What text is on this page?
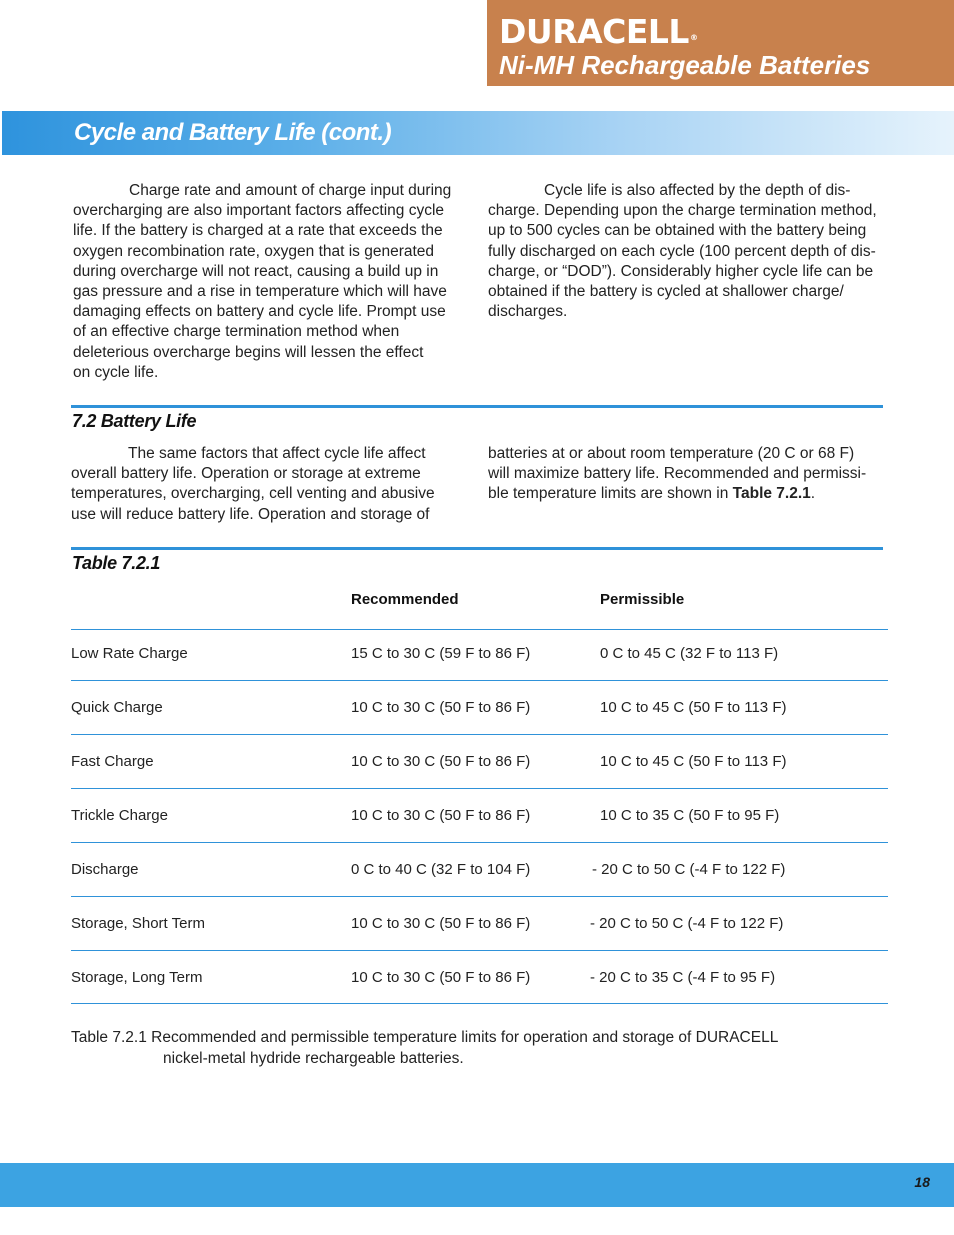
DURACELL®
Ni-MH Rechargeable Batteries
Cycle and Battery Life (cont.)
Charge rate and amount of charge input during
overcharging are also important factors affecting cycle
life. If the battery is charged at a rate that exceeds the
oxygen recombination rate, oxygen that is generated
during overcharge will not react, causing a build up in
gas pressure and a rise in temperature which will have
damaging effects on battery and cycle life. Prompt use
of an effective charge termination method when
deleterious overcharge begins will lessen the effect
on cycle life.
Cycle life is also affected by the depth of dis-
charge. Depending upon the charge termination method,
up to 500 cycles can be obtained with the battery being
fully discharged on each cycle (100 percent depth of dis-
charge, or “DOD”). Considerably higher cycle life can be
obtained if the battery is cycled at shallower charge/
discharges.
7.2 Battery Life
The same factors that affect cycle life affect
overall battery life. Operation or storage at extreme
temperatures, overcharging, cell venting and abusive
use will reduce battery life. Operation and storage of
batteries at or about room temperature (20 C or 68 F)
will maximize battery life. Recommended and permissi-
ble temperature limits are shown in Table 7.2.1.
Table 7.2.1
Recommended	Permissible
Low Rate Charge	15 C to 30 C (59 F to 86 F)	0 C to 45 C (32 F to 113 F)
Quick Charge	10 C to 30 C (50 F to 86 F)	10 C to 45 C (50 F to 113 F)
Fast Charge	10 C to 30 C (50 F to 86 F)	10 C to 45 C (50 F to 113 F)
Trickle Charge	10 C to 30 C (50 F to 86 F)	10 C to 35 C (50 F to 95 F)
Discharge	0 C to 40 C (32 F to 104 F)	- 20 C to 50 C (-4 F to 122 F)
Storage, Short Term	10 C to 30 C (50 F to 86 F)	- 20 C to 50 C (-4 F to 122 F)
Storage, Long Term	10 C to 30 C (50 F to 86 F)	- 20 C to 35 C (-4 F to 95 F)
Table 7.2.1 Recommended and permissible temperature limits for operation and storage of DURACELL
nickel-metal hydride rechargeable batteries.
18
